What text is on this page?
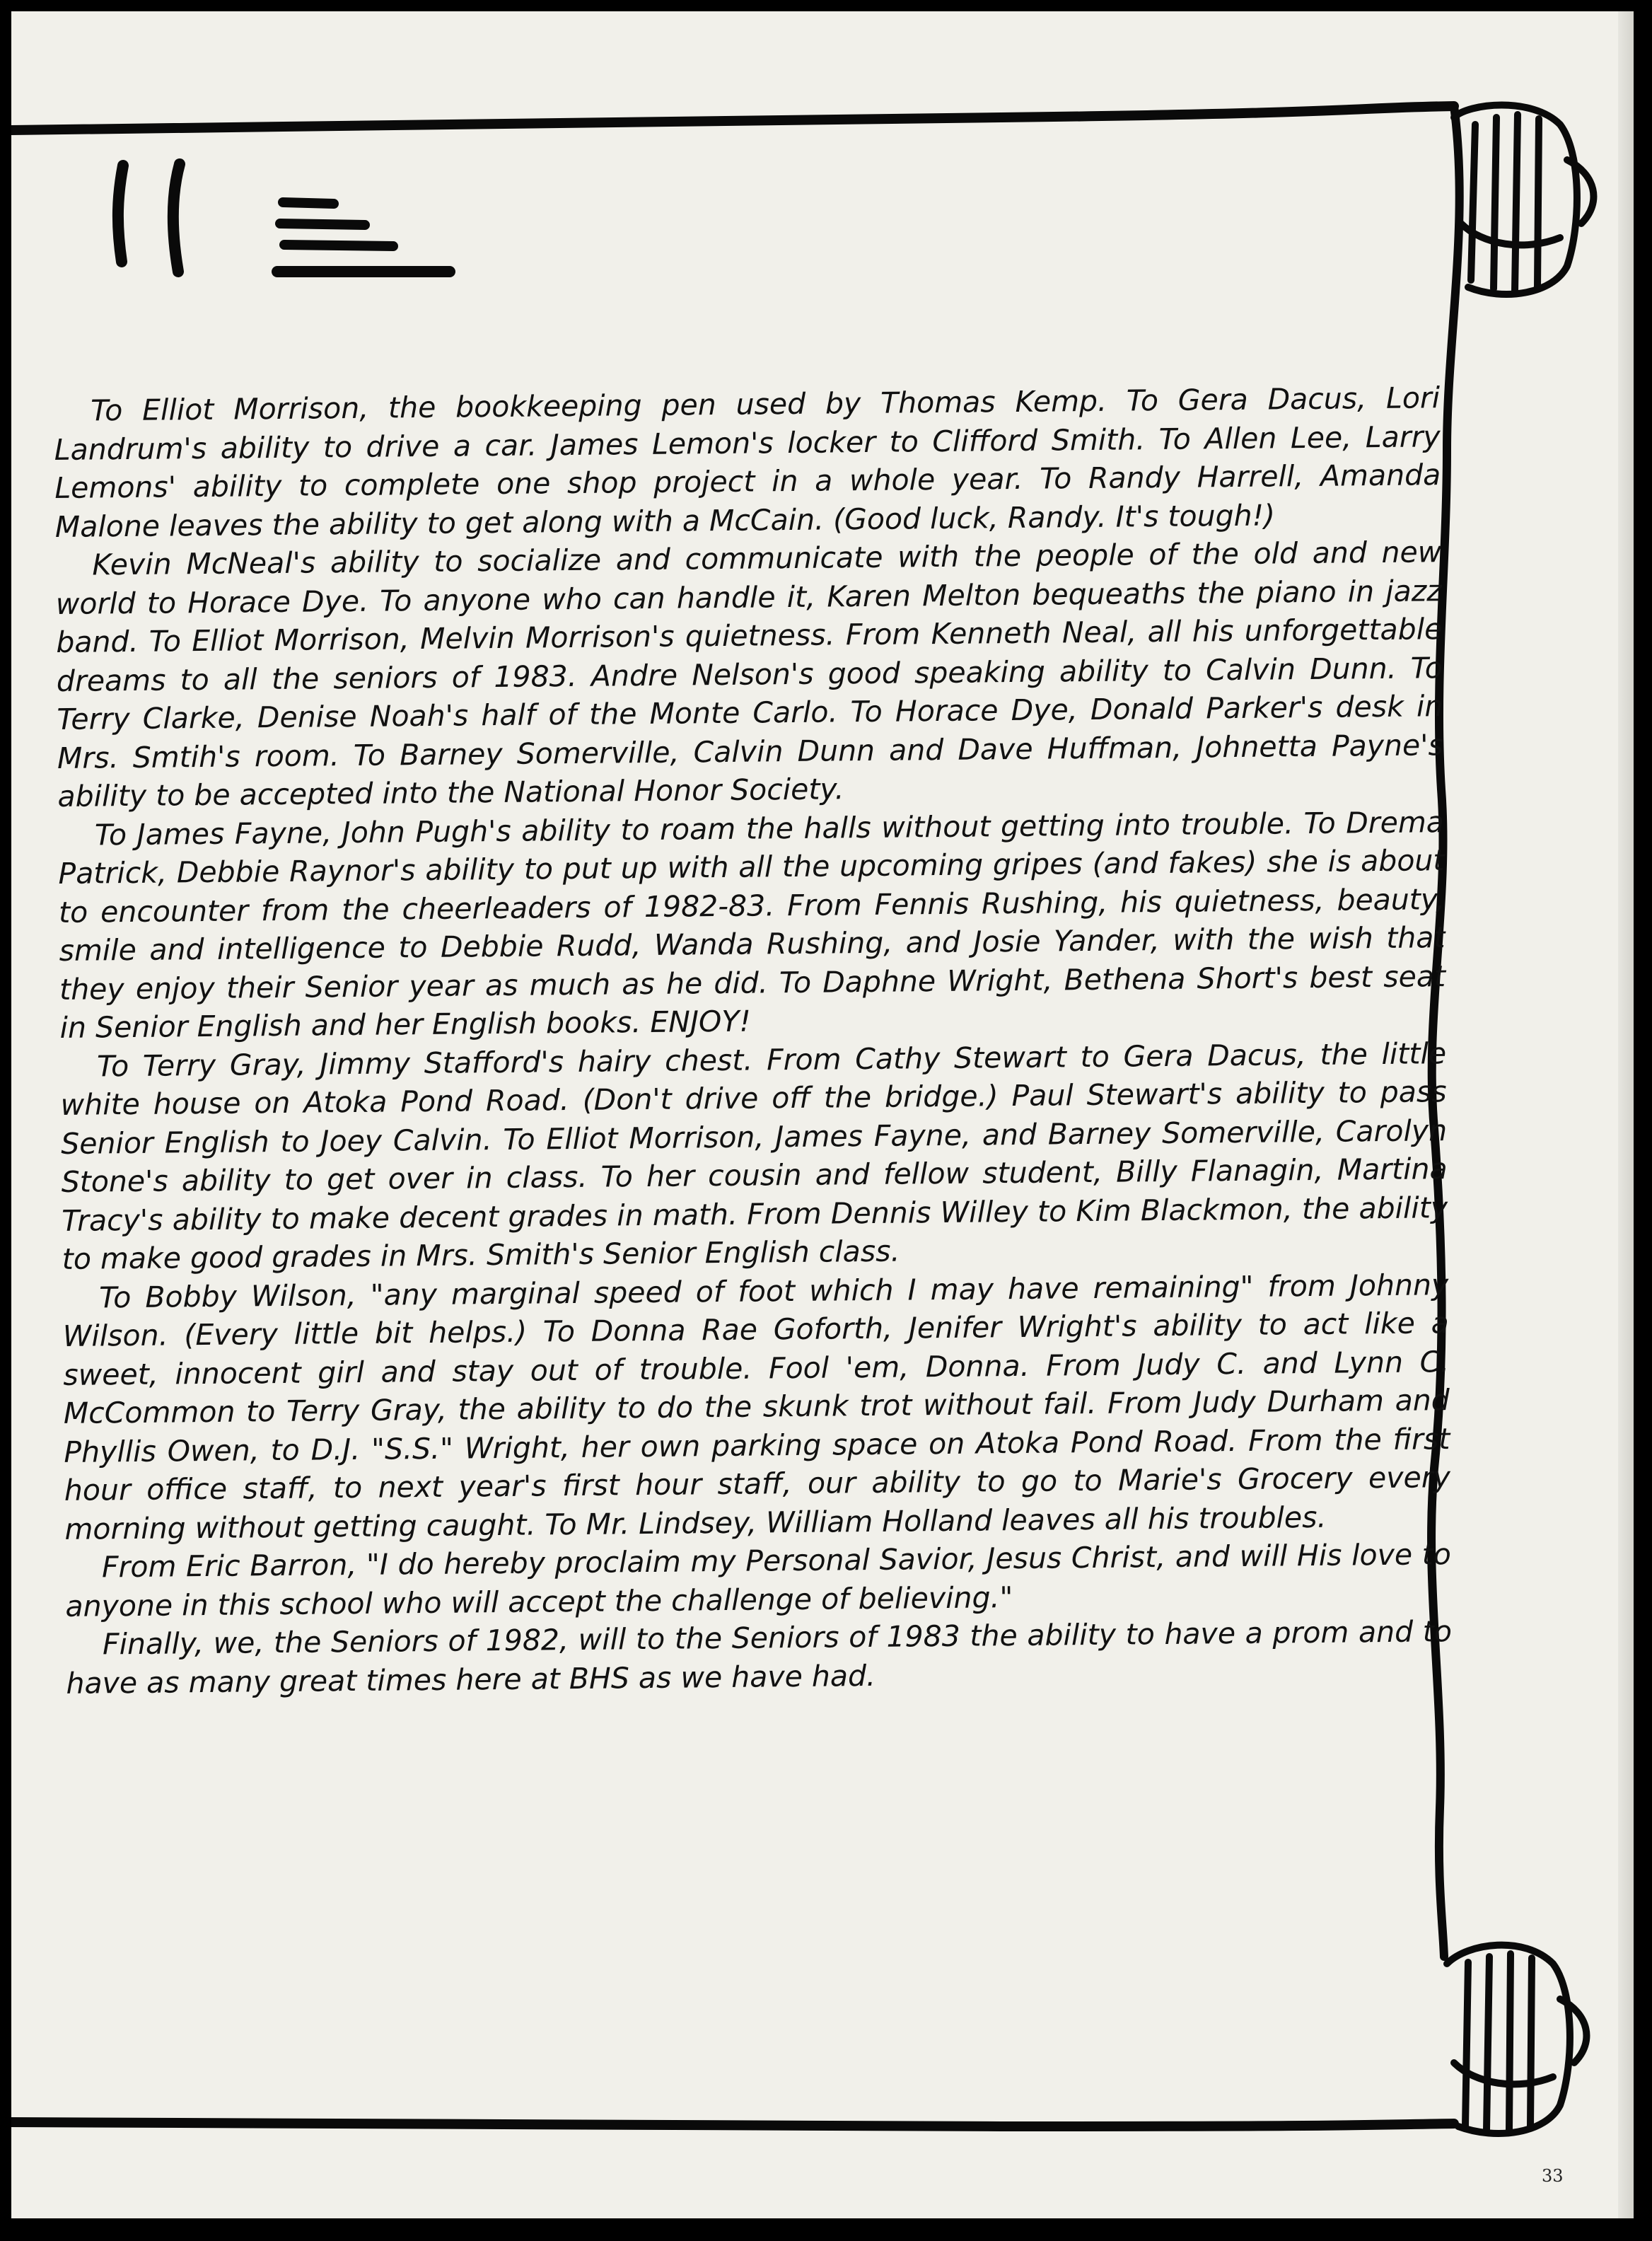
To Elliot Morrison, the bookkeeping pen used by Thomas Kemp. To Gera Dacus, Lori Landrum's ability to drive a car. James Lemon's locker to Clifford Smith. To Allen Lee, Larry Lemons' ability to complete one shop project in a whole year. To Randy Harrell, Amanda Malone leaves the ability to get along with a McCain. (Good luck, Randy. It's tough!)

Kevin McNeal's ability to socialize and communicate with the people of the old and new world to Horace Dye. To anyone who can handle it, Karen Melton bequeaths the piano in jazz band. To Elliot Morrison, Melvin Morrison's quietness. From Kenneth Neal, all his unforgettable dreams to all the seniors of 1983. Andre Nelson's good speaking ability to Calvin Dunn. To Terry Clarke, Denise Noah's half of the Monte Carlo. To Horace Dye, Donald Parker's desk in Mrs. Smtih's room. To Barney Somerville, Calvin Dunn and Dave Huffman, Johnetta Payne's ability to be accepted into the National Honor Society.

To James Fayne, John Pugh's ability to roam the halls without getting into trouble. To Drema Patrick, Debbie Raynor's ability to put up with all the upcoming gripes (and fakes) she is about to encounter from the cheerleaders of 1982-83. From Fennis Rushing, his quietness, beauty, smile and intelligence to Debbie Rudd, Wanda Rushing, and Josie Yander, with the wish that they enjoy their Senior year as much as he did. To Daphne Wright, Bethena Short's best seat in Senior English and her English books. ENJOY!

To Terry Gray, Jimmy Stafford's hairy chest. From Cathy Stewart to Gera Dacus, the little white house on Atoka Pond Road. (Don't drive off the bridge.) Paul Stewart's ability to pass Senior English to Joey Calvin. To Elliot Morrison, James Fayne, and Barney Somerville, Carolyn Stone's ability to get over in class. To her cousin and fellow student, Billy Flanagin, Martina Tracy's ability to make decent grades in math. From Dennis Willey to Kim Blackmon, the ability to make good grades in Mrs. Smith's Senior English class.

To Bobby Wilson, "any marginal speed of foot which I may have remaining" from Johnny Wilson. (Every little bit helps.) To Donna Rae Goforth, Jenifer Wright's ability to act like a sweet, innocent girl and stay out of trouble. Fool 'em, Donna. From Judy C. and Lynn C. McCommon to Terry Gray, the ability to do the skunk trot without fail. From Judy Durham and Phyllis Owen, to D.J. "S.S." Wright, her own parking space on Atoka Pond Road. From the first hour office staff, to next year's first hour staff, our ability to go to Marie's Grocery every morning without getting caught. To Mr. Lindsey, William Holland leaves all his troubles.

From Eric Barron, "I do hereby proclaim my Personal Savior, Jesus Christ, and will His love to anyone in this school who will accept the challenge of believing."

Finally, we, the Seniors of 1982, will to the Seniors of 1983 the ability to have a prom and to have as many great times here at BHS as we have had.

33
